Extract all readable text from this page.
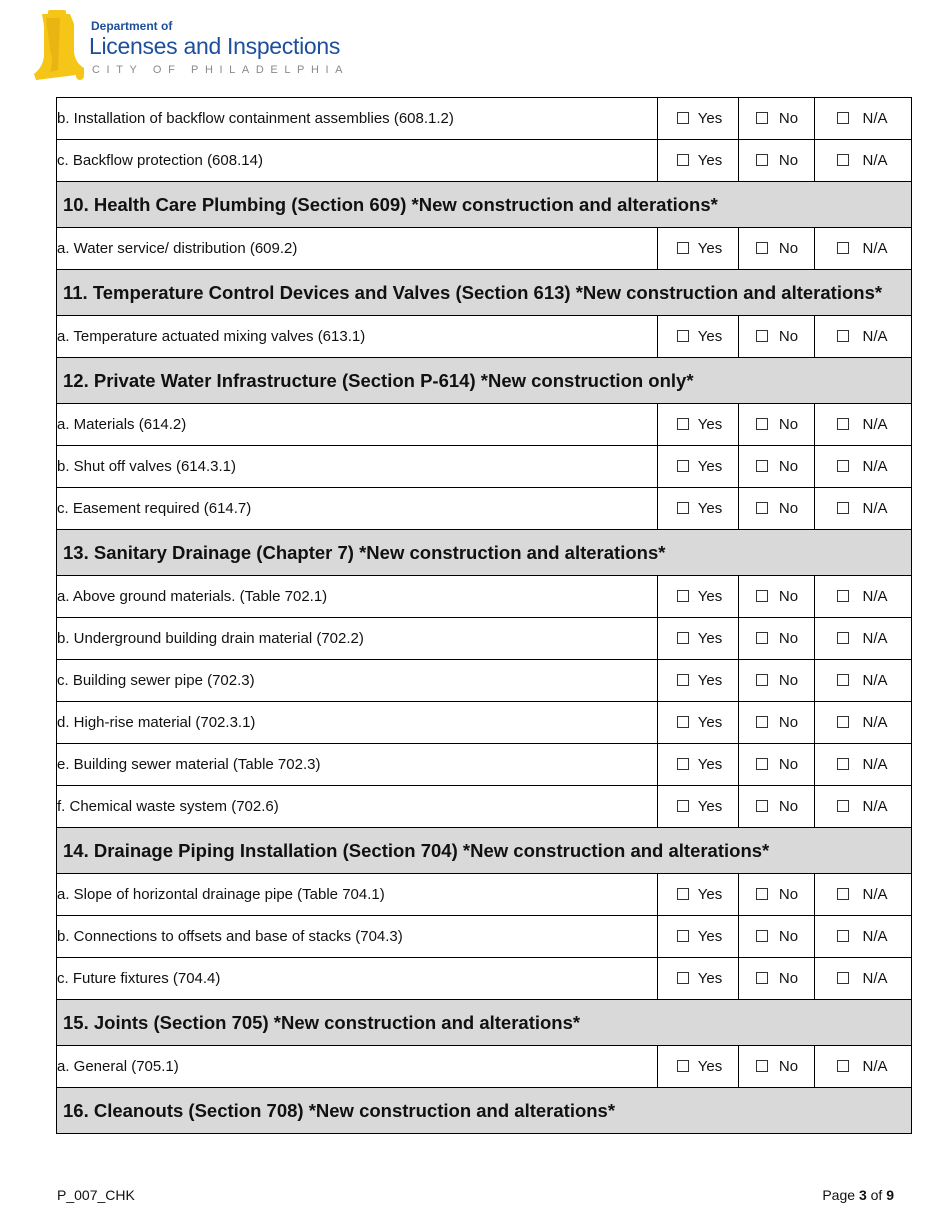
Department of
Licenses and Inspections
CITY OF PHILADELPHIA
b. Installation of backflow containment assemblies (608.1.2)	Yes	No	N/A
c. Backflow protection (608.14)	Yes	No	N/A

10. Health Care Plumbing (Section 609) *New construction and alterations*			

a. Water service/ distribution (609.2)	Yes	No	N/A

11. Temperature Control Devices and Valves (Section 613) *New construction and alterations*			

a. Temperature actuated mixing valves (613.1)	Yes	No	N/A

12. Private Water Infrastructure (Section P-614) *New construction only*			

a. Materials (614.2)	Yes	No	N/A
b. Shut off valves (614.3.1)	Yes	No	N/A
c. Easement required (614.7)	Yes	No	N/A

13. Sanitary Drainage (Chapter 7) *New construction and alterations*			

a. Above ground materials. (Table 702.1)	Yes	No	N/A
b. Underground building drain material (702.2)	Yes	No	N/A
c. Building sewer pipe (702.3)	Yes	No	N/A
d. High-rise material (702.3.1)	Yes	No	N/A
e. Building sewer material (Table 702.3)	Yes	No	N/A
f. Chemical waste system (702.6)	Yes	No	N/A

14. Drainage Piping Installation (Section 704) *New construction and alterations*			

a. Slope of horizontal drainage pipe (Table 704.1)	Yes	No	N/A
b. Connections to offsets and base of stacks (704.3)	Yes	No	N/A
c. Future fixtures (704.4)	Yes	No	N/A

15. Joints (Section 705) *New construction and alterations*			

a. General (705.1)	Yes	No	N/A

16. Cleanouts (Section 708) *New construction and alterations*			
P_007_CHK	Page 3 of 9
